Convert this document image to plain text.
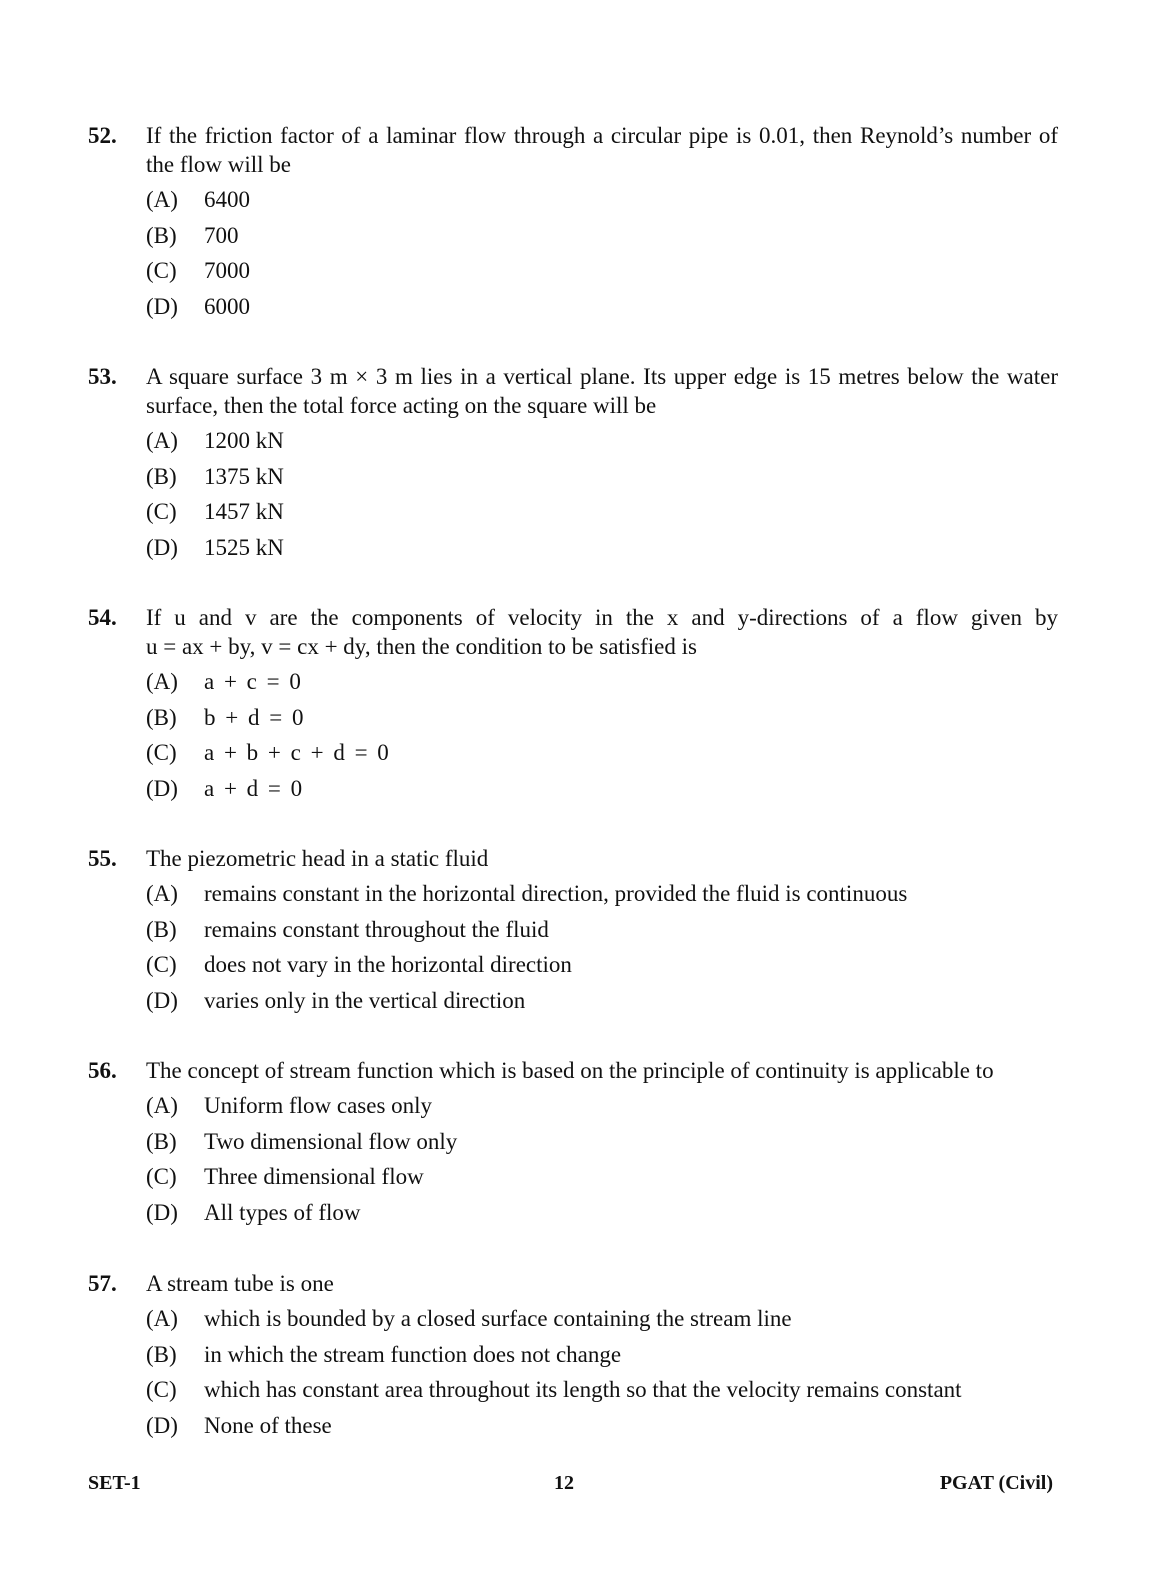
52. If the friction factor of a laminar flow through a circular pipe is 0.01, then Reynold’s number of the flow will be
(A) 6400
(B) 700
(C) 7000
(D) 6000
53. A square surface 3 m × 3 m lies in a vertical plane. Its upper edge is 15 metres below the water surface, then the total force acting on the square will be
(A) 1200 kN
(B) 1375 kN
(C) 1457 kN
(D) 1525 kN
54. If u and v are the components of velocity in the x and y-directions of a flow given by
u = ax + by, v = cx + dy, then the condition to be satisfied is
(A) a + c = 0
(B) b + d = 0
(C) a + b + c + d = 0
(D) a + d = 0
55. The piezometric head in a static fluid
(A) remains constant in the horizontal direction, provided the fluid is continuous
(B) remains constant throughout the fluid
(C) does not vary in the horizontal direction
(D) varies only in the vertical direction
56. The concept of stream function which is based on the principle of continuity is applicable to
(A) Uniform flow cases only
(B) Two dimensional flow only
(C) Three dimensional flow
(D) All types of flow
57. A stream tube is one
(A) which is bounded by a closed surface containing the stream line
(B) in which the stream function does not change
(C) which has constant area throughout its length so that the velocity remains constant
(D) None of these
SET-1	12	PGAT (Civil)
